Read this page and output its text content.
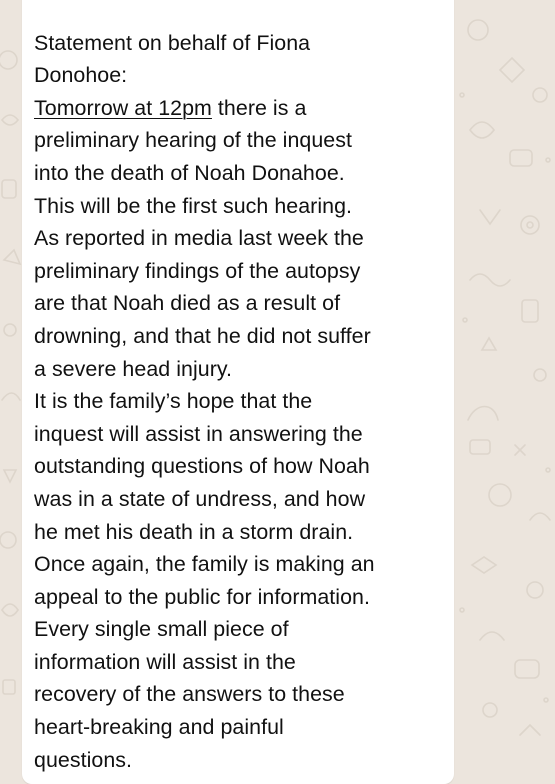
Statement on behalf of Fiona
Donohoe:
Tomorrow at 12pm there is a
preliminary hearing of the inquest
into the death of Noah Donahoe.
This will be the first such hearing.
As reported in media last week the
preliminary findings of the autopsy
are that Noah died as a result of
drowning, and that he did not suffer
a severe head injury.
It is the family’s hope that the
inquest will assist in answering the
outstanding questions of how Noah
was in a state of undress, and how
he met his death in a storm drain.
Once again, the family is making an
appeal to the public for information.
Every single small piece of
information will assist in the
recovery of the answers to these
heart-breaking and painful
questions.
